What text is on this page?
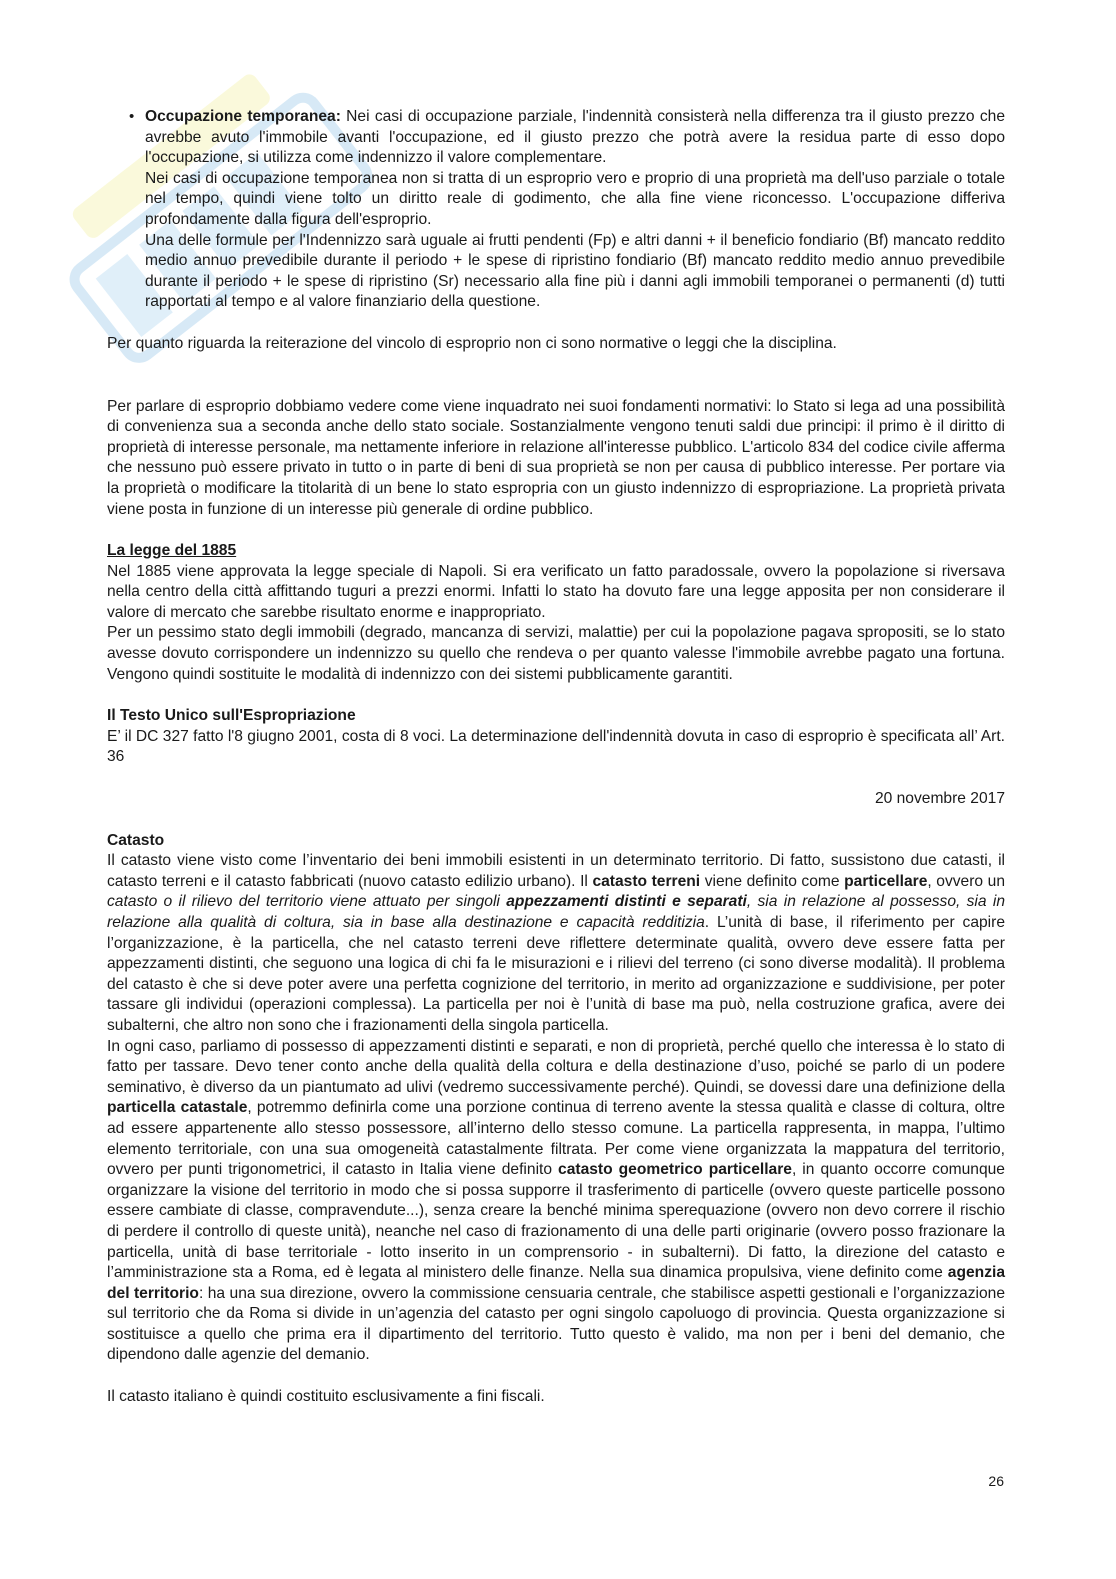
• Occupazione temporanea: Nei casi di occupazione parziale, l'indennità consisterà nella differenza tra il giusto prezzo che avrebbe avuto l'immobile avanti l'occupazione, ed il giusto prezzo che potrà avere la residua parte di esso dopo l'occupazione, si utilizza come indennizzo il valore complementare.

Nei casi di occupazione temporanea non si tratta di un esproprio vero e proprio di una proprietà ma dell'uso parziale o totale nel tempo, quindi viene tolto un diritto reale di godimento, che alla fine viene riconcesso. L'occupazione differiva profondamente dalla figura dell'esproprio.

Una delle formule per l'Indennizzo sarà uguale ai frutti pendenti (Fp) e altri danni + il beneficio fondiario (Bf) mancato reddito medio annuo prevedibile durante il periodo + le spese di ripristino fondiario (Bf) mancato reddito medio annuo prevedibile durante il periodo + le spese di ripristino (Sr) necessario alla fine più i danni agli immobili temporanei o permanenti (d) tutti rapportati al tempo e al valore finanziario della questione.

Per quanto riguarda la reiterazione del vincolo di esproprio non ci sono normative o leggi che la disciplina.

Per parlare di esproprio dobbiamo vedere come viene inquadrato nei suoi fondamenti normativi: lo Stato si lega ad una possibilità di convenienza sua a seconda anche dello stato sociale. Sostanzialmente vengono tenuti saldi due principi: il primo è il diritto di proprietà di interesse personale, ma nettamente inferiore in relazione all'interesse pubblico. L'articolo 834 del codice civile afferma che nessuno può essere privato in tutto o in parte di beni di sua proprietà se non per causa di pubblico interesse. Per portare via la proprietà o modificare la titolarità di un bene lo stato espropria con un giusto indennizzo di espropriazione. La proprietà privata viene posta in funzione di un interesse più generale di ordine pubblico.

La legge del 1885

Nel 1885 viene approvata la legge speciale di Napoli. Si era verificato un fatto paradossale, ovvero la popolazione si riversava nella centro della città affittando tuguri a prezzi enormi. Infatti lo stato ha dovuto fare una legge apposita per non considerare il valore di mercato che sarebbe risultato enorme e inappropriato.

Per un pessimo stato degli immobili (degrado, mancanza di servizi, malattie) per cui la popolazione pagava spropositi, se lo stato avesse dovuto corrispondere un indennizzo su quello che rendeva o per quanto valesse l'immobile avrebbe pagato una fortuna. Vengono quindi sostituite le modalità di indennizzo con dei sistemi pubblicamente garantiti.

Il Testo Unico sull'Espropriazione

E’ il DC 327 fatto l'8 giugno 2001, costa di 8 voci. La determinazione dell'indennità dovuta in caso di esproprio è specificata all’ Art. 36

20 novembre 2017

Catasto

Il catasto viene visto come l’inventario dei beni immobili esistenti in un determinato territorio. Di fatto, sussistono due catasti, il catasto terreni e il catasto fabbricati (nuovo catasto edilizio urbano). Il catasto terreni viene definito come particellare, ovvero un catasto o il rilievo del territorio viene attuato per singoli appezzamenti distinti e separati, sia in relazione al possesso, sia in relazione alla qualità di coltura, sia in base alla destinazione e capacità redditizia. L’unità di base, il riferimento per capire l’organizzazione, è la particella, che nel catasto terreni deve riflettere determinate qualità, ovvero deve essere fatta per appezzamenti distinti, che seguono una logica di chi fa le misurazioni e i rilievi del terreno (ci sono diverse modalità). Il problema del catasto è che si deve poter avere una perfetta cognizione del territorio, in merito ad organizzazione e suddivisione, per poter tassare gli individui (operazioni complessa). La particella per noi è l’unità di base ma può, nella costruzione grafica, avere dei subalterni, che altro non sono che i frazionamenti della singola particella.

In ogni caso, parliamo di possesso di appezzamenti distinti e separati, e non di proprietà, perché quello che interessa è lo stato di fatto per tassare. Devo tener conto anche della qualità della coltura e della destinazione d’uso, poiché se parlo di un podere seminativo, è diverso da un piantumato ad ulivi (vedremo successivamente perché). Quindi, se dovessi dare una definizione della particella catastale, potremmo definirla come una porzione continua di terreno avente la stessa qualità e classe di coltura, oltre ad essere appartenente allo stesso possessore, all’interno dello stesso comune. La particella rappresenta, in mappa, l’ultimo elemento territoriale, con una sua omogeneità catastalmente filtrata. Per come viene organizzata la mappatura del territorio, ovvero per punti trigonometrici, il catasto in Italia viene definito catasto geometrico particellare, in quanto occorre comunque organizzare la visione del territorio in modo che si possa supporre il trasferimento di particelle (ovvero queste particelle possono essere cambiate di classe, compravendute...), senza creare la benché minima sperequazione (ovvero non devo correre il rischio di perdere il controllo di queste unità), neanche nel caso di frazionamento di una delle parti originarie (ovvero posso frazionare la particella, unità di base territoriale - lotto inserito in un comprensorio - in subalterni). Di fatto, la direzione del catasto e l’amministrazione sta a Roma, ed è legata al ministero delle finanze. Nella sua dinamica propulsiva, viene definito come agenzia del territorio: ha una sua direzione, ovvero la commissione censuaria centrale, che stabilisce aspetti gestionali e l’organizzazione sul territorio che da Roma si divide in un’agenzia del catasto per ogni singolo capoluogo di provincia. Questa organizzazione si sostituisce a quello che prima era il dipartimento del territorio. Tutto questo è valido, ma non per i beni del demanio, che dipendono dalle agenzie del demanio.

Il catasto italiano è quindi costituito esclusivamente a fini fiscali.

26
